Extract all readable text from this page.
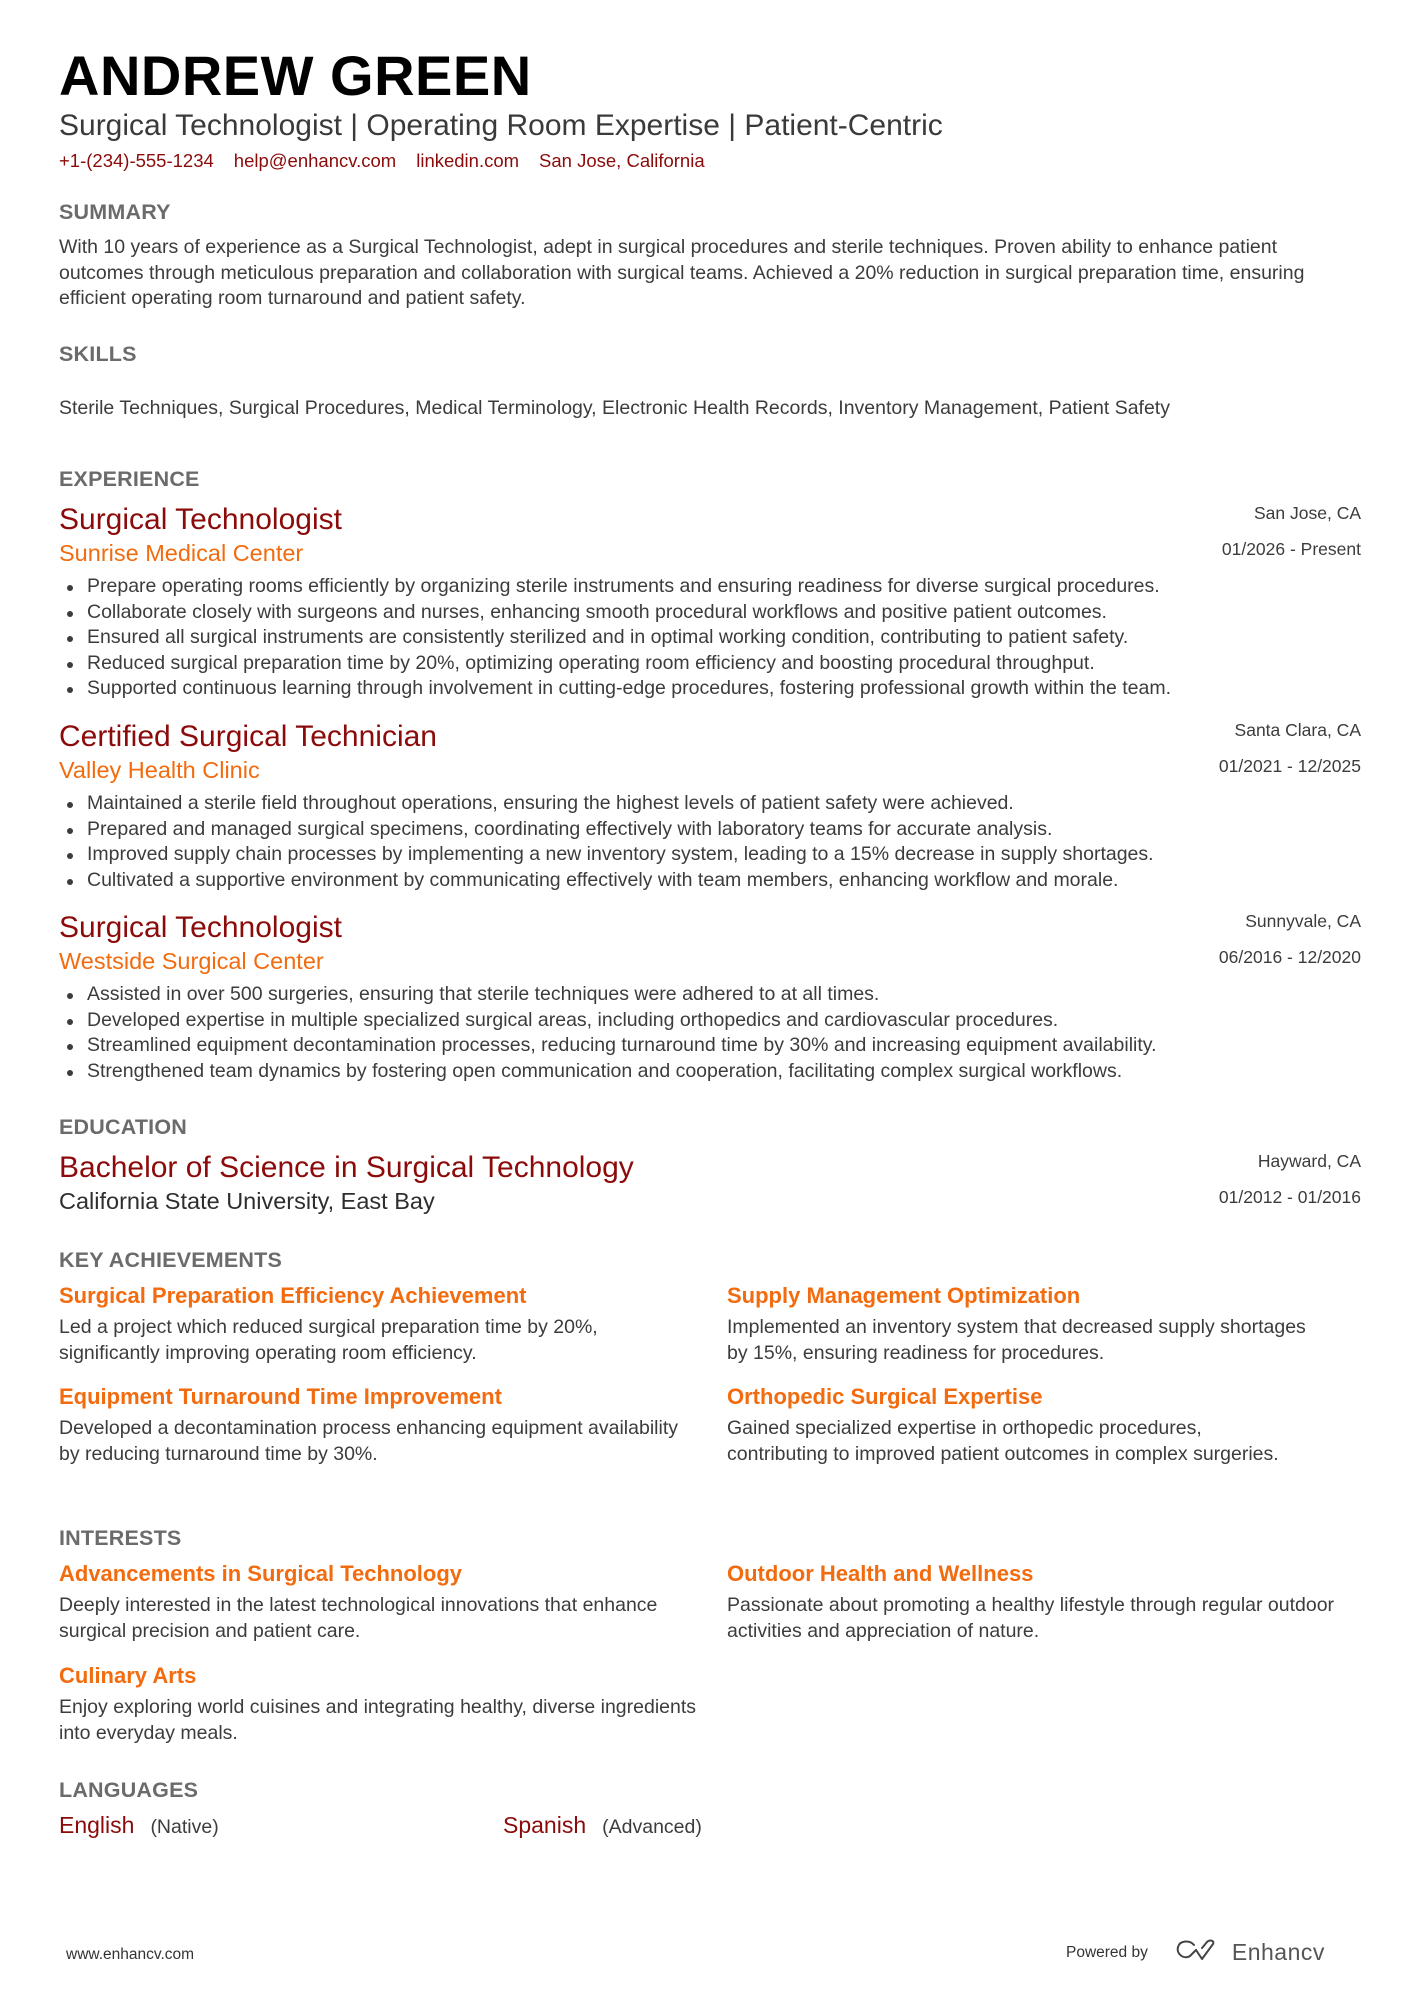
ANDREW GREEN
Surgical Technologist | Operating Room Expertise | Patient-Centric
+1-(234)-555-1234 help@enhancv.com linkedin.com San Jose, California
SUMMARY
With 10 years of experience as a Surgical Technologist, adept in surgical procedures and sterile techniques. Proven ability to enhance patient outcomes through meticulous preparation and collaboration with surgical teams. Achieved a 20% reduction in surgical preparation time, ensuring efficient operating room turnaround and patient safety.
SKILLS
Sterile Techniques, Surgical Procedures, Medical Terminology, Electronic Health Records, Inventory Management, Patient Safety
EXPERIENCE
Surgical Technologist
Sunrise Medical Center
San Jose, CA
01/2026 - Present
Prepare operating rooms efficiently by organizing sterile instruments and ensuring readiness for diverse surgical procedures.
Collaborate closely with surgeons and nurses, enhancing smooth procedural workflows and positive patient outcomes.
Ensured all surgical instruments are consistently sterilized and in optimal working condition, contributing to patient safety.
Reduced surgical preparation time by 20%, optimizing operating room efficiency and boosting procedural throughput.
Supported continuous learning through involvement in cutting-edge procedures, fostering professional growth within the team.
Certified Surgical Technician
Valley Health Clinic
Santa Clara, CA
01/2021 - 12/2025
Maintained a sterile field throughout operations, ensuring the highest levels of patient safety were achieved.
Prepared and managed surgical specimens, coordinating effectively with laboratory teams for accurate analysis.
Improved supply chain processes by implementing a new inventory system, leading to a 15% decrease in supply shortages.
Cultivated a supportive environment by communicating effectively with team members, enhancing workflow and morale.
Surgical Technologist
Westside Surgical Center
Sunnyvale, CA
06/2016 - 12/2020
Assisted in over 500 surgeries, ensuring that sterile techniques were adhered to at all times.
Developed expertise in multiple specialized surgical areas, including orthopedics and cardiovascular procedures.
Streamlined equipment decontamination processes, reducing turnaround time by 30% and increasing equipment availability.
Strengthened team dynamics by fostering open communication and cooperation, facilitating complex surgical workflows.
EDUCATION
Bachelor of Science in Surgical Technology
California State University, East Bay
Hayward, CA
01/2012 - 01/2016
KEY ACHIEVEMENTS
Surgical Preparation Efficiency Achievement
Led a project which reduced surgical preparation time by 20%, significantly improving operating room efficiency.
Supply Management Optimization
Implemented an inventory system that decreased supply shortages by 15%, ensuring readiness for procedures.
Equipment Turnaround Time Improvement
Developed a decontamination process enhancing equipment availability by reducing turnaround time by 30%.
Orthopedic Surgical Expertise
Gained specialized expertise in orthopedic procedures, contributing to improved patient outcomes in complex surgeries.
INTERESTS
Advancements in Surgical Technology
Deeply interested in the latest technological innovations that enhance surgical precision and patient care.
Outdoor Health and Wellness
Passionate about promoting a healthy lifestyle through regular outdoor activities and appreciation of nature.
Culinary Arts
Enjoy exploring world cuisines and integrating healthy, diverse ingredients into everyday meals.
LANGUAGES
English (Native)	Spanish (Advanced)
www.enhancv.com	Powered by	Enhancv
